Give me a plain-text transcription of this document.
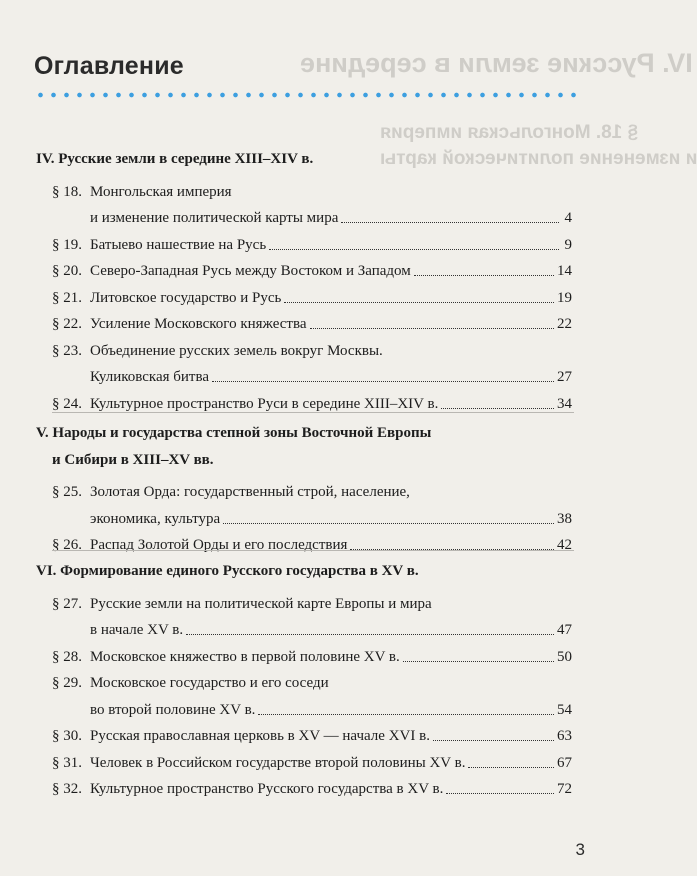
IV. Русские земли в середине
§ 18. Монгольская империя
и изменение политической карты
Оглавление
IV. Русские земли в середине XIII–XIV в.
§ 18. Монгольская империя
и изменение политической карты мира	4
§ 19. Батыево нашествие на Русь	9
§ 20. Северо-Западная Русь между Востоком и Западом	14
§ 21. Литовское государство и Русь	19
§ 22. Усиление Московского княжества	22
§ 23. Объединение русских земель вокруг Москвы.
Куликовская битва	27
§ 24. Культурное пространство Руси в середине XIII–XIV в.	34
V. Народы и государства степной зоны Восточной Европы
и Сибири в XIII–XV вв.
§ 25. Золотая Орда: государственный строй, население,
экономика, культура	38
§ 26. Распад Золотой Орды и его последствия	42
VI. Формирование единого Русского государства в XV в.
§ 27. Русские земли на политической карте Европы и мира
в начале XV в.	47
§ 28. Московское княжество в первой половине XV в.	50
§ 29. Московское государство и его соседи
во второй половине XV в.	54
§ 30. Русская православная церковь в XV — начале XVI в.	63
§ 31. Человек в Российском государстве второй половины XV в.	67
§ 32. Культурное пространство Русского государства в XV в.	72
3
